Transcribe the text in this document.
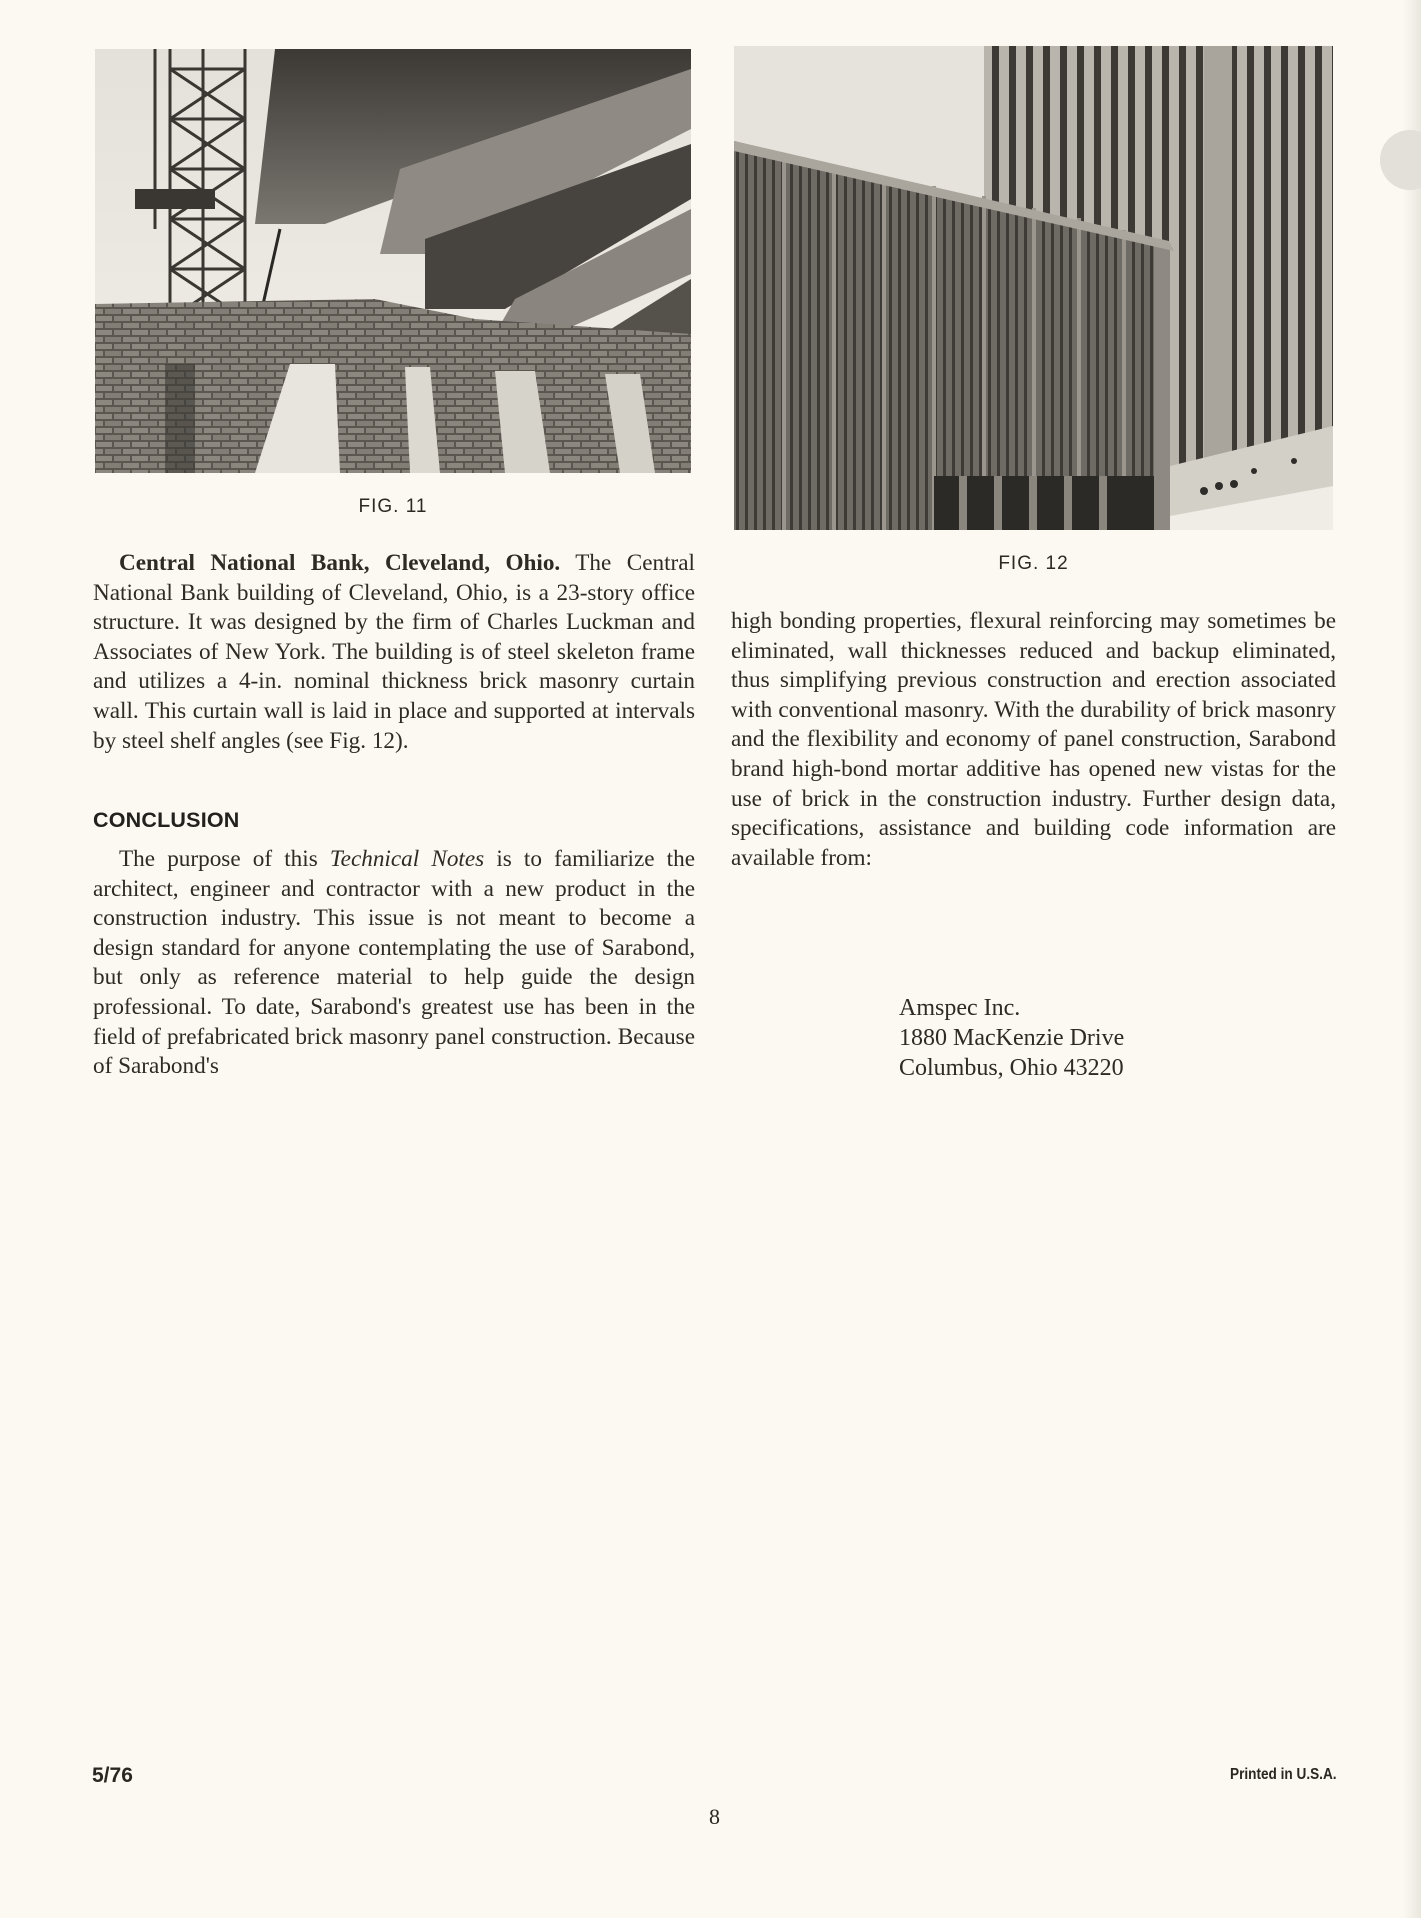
FIG. 11
FIG. 12

Central National Bank, Cleveland, Ohio. The Central National Bank building of Cleveland, Ohio, is a 23-story office structure. It was designed by the firm of Charles Luckman and Associates of New York. The building is of steel skeleton frame and utilizes a 4-in. nominal thickness brick masonry curtain wall. This curtain wall is laid in place and supported at intervals by steel shelf angles (see Fig. 12).

CONCLUSION

The purpose of this Technical Notes is to familiarize the architect, engineer and contractor with a new product in the construction industry. This issue is not meant to become a design standard for anyone contemplating the use of Sarabond, but only as reference material to help guide the design professional. To date, Sarabond's greatest use has been in the field of prefabricated brick masonry panel construction. Because of Sarabond's

high bonding properties, flexural reinforcing may sometimes be eliminated, wall thicknesses reduced and backup eliminated, thus simplifying previous construction and erection associated with conventional masonry. With the durability of brick masonry and the flexibility and economy of panel construction, Sarabond brand high-bond mortar additive has opened new vistas for the use of brick in the construction industry. Further design data, specifications, assistance and building code information are available from:

Amspec Inc.
1880 MacKenzie Drive
Columbus, Ohio 43220
5/76	Printed in U.S.A.
8
